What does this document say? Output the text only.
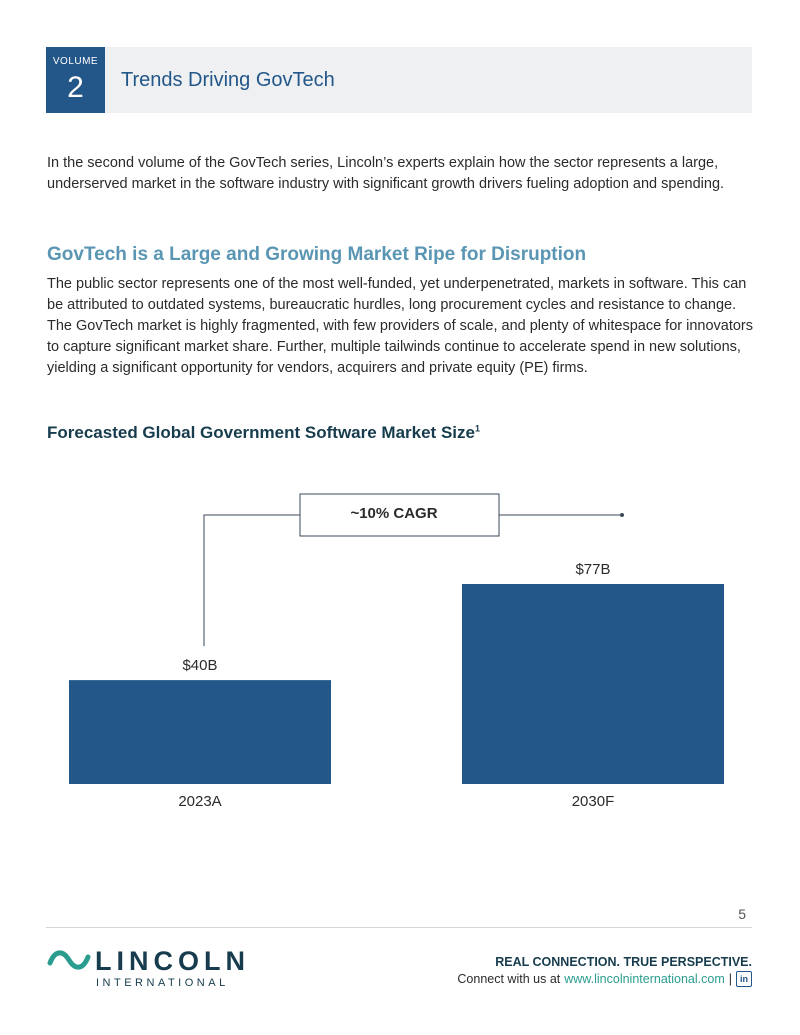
VOLUME
2	Trends Driving GovTech

In the second volume of the GovTech series, Lincoln’s experts explain how the sector represents a large, underserved market in the software industry with significant growth drivers fueling adoption and spending.

GovTech is a Large and Growing Market Ripe for Disruption

The public sector represents one of the most well-funded, yet underpenetrated, markets in software. This can be attributed to outdated systems, bureaucratic hurdles, long procurement cycles and resistance to change. The GovTech market is highly fragmented, with few providers of scale, and plenty of whitespace for innovators to capture significant market share. Further, multiple tailwinds continue to accelerate spend in new solutions, yielding a significant opportunity for vendors, acquirers and private equity (PE) firms.

Forecasted Global Government Software Market Size$^1$
$40B
2023A
$77B
2030F
~10% CAGR
5
LINCOLN
INTERNATIONAL
REAL CONNECTION. TRUE PERSPECTIVE.
Connect with us at www.lincolninternational.com | in
